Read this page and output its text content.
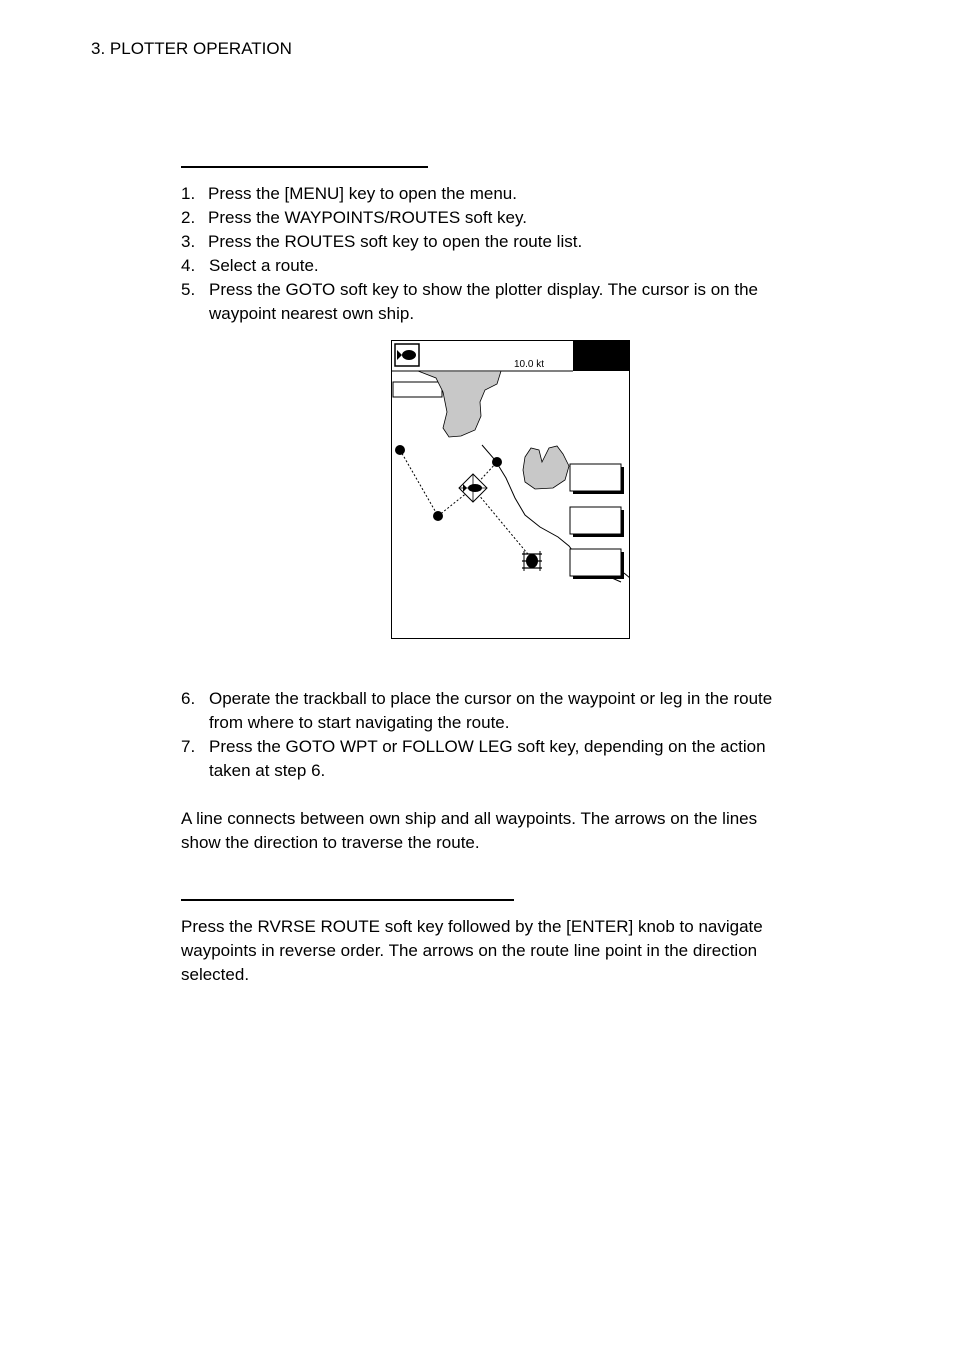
3. PLOTTER OPERATION
1. Press the [MENU] key to open the menu.
2. Press the WAYPOINTS/ROUTES soft key.
3. Press the ROUTES soft key to open the route list.
4. Select a route.
5. Press the GOTO soft key to show the plotter display. The cursor is on the
waypoint nearest own ship.
10.0 kt
6. Operate the trackball to place the cursor on the waypoint or leg in the route
from where to start navigating the route.
7. Press the GOTO WPT or FOLLOW LEG soft key, depending on the action
taken at step 6.
A line connects between own ship and all waypoints. The arrows on the lines
show the direction to traverse the route.
Press the RVRSE ROUTE soft key followed by the [ENTER] knob to navigate
waypoints in reverse order. The arrows on the route line point in the direction
selected.
